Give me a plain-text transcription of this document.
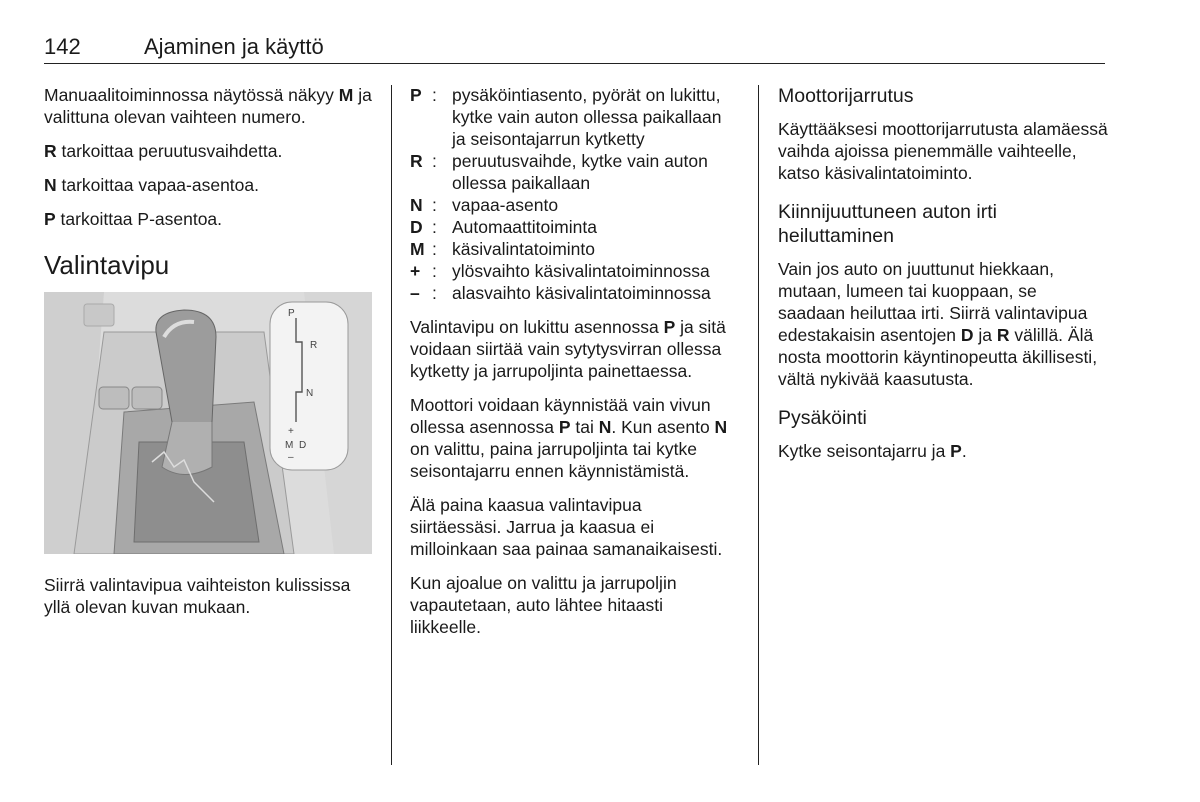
142	Ajaminen ja käyttö

Manuaalitoiminnossa näytössä näkyy M ja valittuna olevan vaihteen numero.

R tarkoittaa peruutusvaihdetta.

N tarkoittaa vapaa-asentoa.

P tarkoittaa P-asentoa.

Valintavipu
P
R
N
+
M D
–

Siirrä valintavipua vaihteiston kulississa yllä olevan kuvan mukaan.

P : pysäköintiasento, pyörät on lukittu, kytke vain auton ollessa paikallaan ja seisontajarrun kytketty
R : peruutusvaihde, kytke vain auton ollessa paikallaan
N : vapaa-asento
D : Automaattitoiminta
M : käsivalintatoiminto
+ : ylösvaihto käsivalintatoiminnossa
– : alasvaihto käsivalintatoiminnossa

Valintavipu on lukittu asennossa P ja sitä voidaan siirtää vain sytytysvirran ollessa kytketty ja jarrupoljinta painettaessa.

Moottori voidaan käynnistää vain vivun ollessa asennossa P tai N. Kun asento N on valittu, paina jarrupoljinta tai kytke seisontajarru ennen käynnistämistä.

Älä paina kaasua valintavipua siirtäessäsi. Jarrua ja kaasua ei milloinkaan saa painaa samanaikaisesti.

Kun ajoalue on valittu ja jarrupoljin vapautetaan, auto lähtee hitaasti liikkeelle.

Moottorijarrutus

Käyttääksesi moottorijarrutusta alamäessä vaihda ajoissa pienemmälle vaihteelle, katso käsivalintatoiminto.

Kiinnijuuttuneen auton irti heiluttaminen

Vain jos auto on juuttunut hiekkaan, mutaan, lumeen tai kuoppaan, se saadaan heiluttaa irti. Siirrä valintavipua edestakaisin asentojen D ja R välillä. Älä nosta moottorin käyntinopeutta äkillisesti, vältä nykivää kaasutusta.

Pysäköinti

Kytke seisontajarru ja P.
